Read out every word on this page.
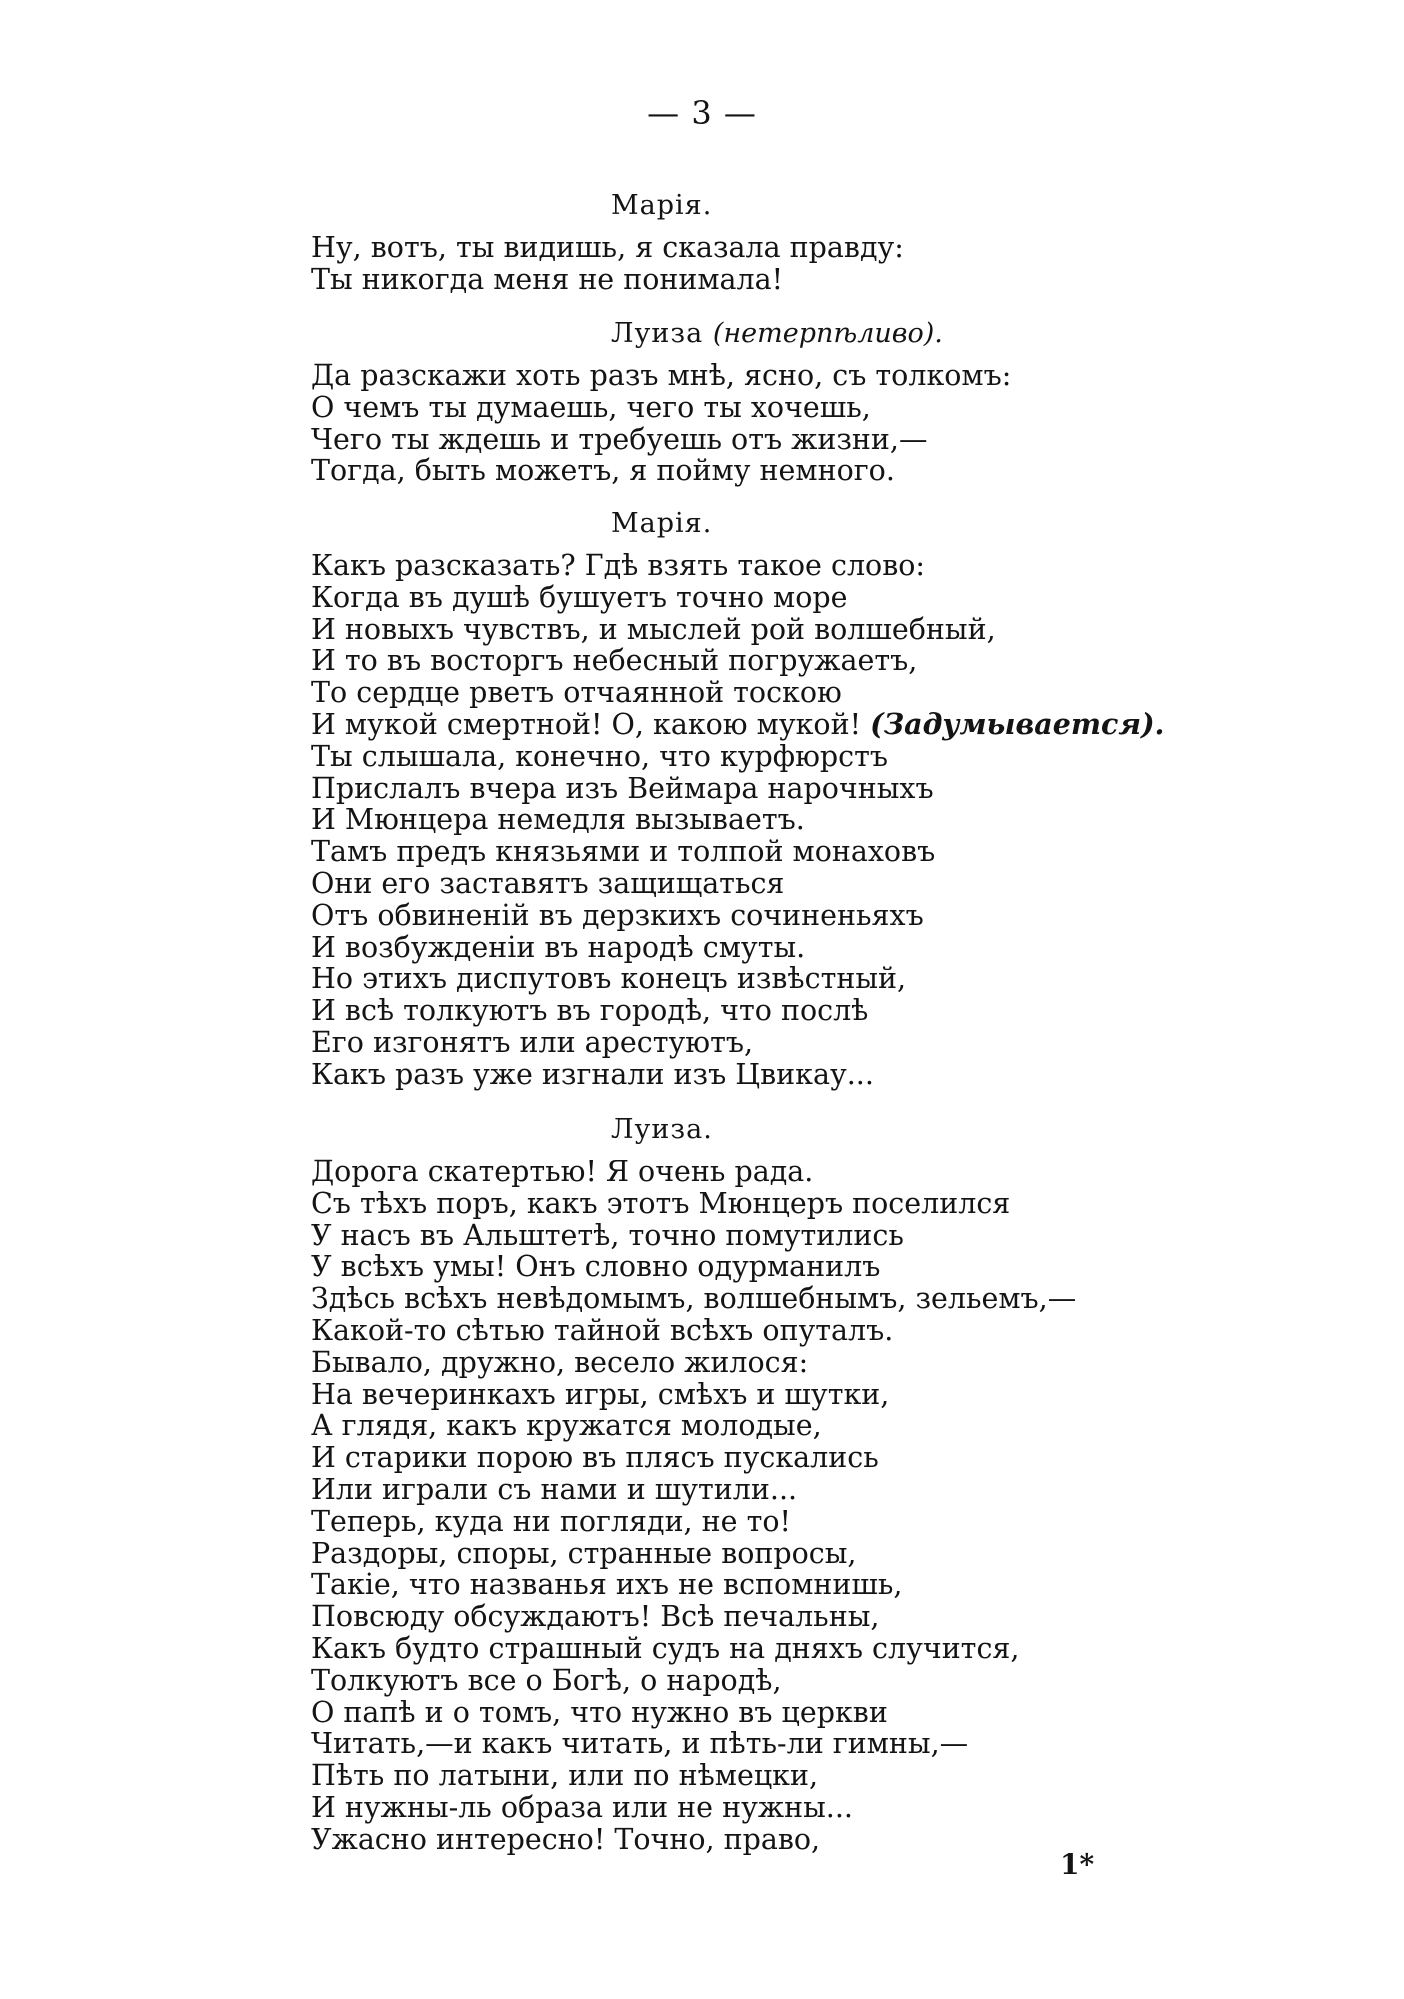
— 3 —
Марія.
Ну, вотъ, ты видишь, я сказала правду:
Ты никогда меня не понимала!
Луиза (нетерпѣливо).
Да разскажи хоть разъ мнѣ, ясно, съ толкомъ:
О чемъ ты думаешь, чего ты хочешь,
Чего ты ждешь и требуешь отъ жизни,—
Тогда, быть можетъ, я пойму немного.
Марія.
Какъ разсказать? Гдѣ взять такое слово:
Когда въ душѣ бушуетъ точно море
И новыхъ чувствъ, и мыслей рой волшебный,
И то въ восторгъ небесный погружаетъ,
То сердце рветъ отчаянной тоскою
И мукой смертной! О, какою мукой! (Задумывается).
Ты слышала, конечно, что курфюрстъ
Прислалъ вчера изъ Веймара нарочныхъ
И Мюнцера немедля вызываетъ.
Тамъ предъ князьями и толпой монаховъ
Они его заставятъ защищаться
Отъ обвиненій въ дерзкихъ сочиненьяхъ
И возбужденіи въ народѣ смуты.
Но этихъ диспутовъ конецъ извѣстный,
И всѣ толкуютъ въ городѣ, что послѣ
Его изгонятъ или арестуютъ,
Какъ разъ уже изгнали изъ Цвикау...
Луиза.
Дорога скатертью! Я очень рада.
Съ тѣхъ поръ, какъ этотъ Мюнцеръ поселился
У насъ въ Альштетѣ, точно помутились
У всѣхъ умы! Онъ словно одурманилъ
Здѣсь всѣхъ невѣдомымъ, волшебнымъ, зельемъ,—
Какой-то сѣтью тайной всѣхъ опуталъ.
Бывало, дружно, весело жилося:
На вечеринкахъ игры, смѣхъ и шутки,
А глядя, какъ кружатся молодые,
И старики порою въ плясъ пускались
Или играли съ нами и шутили...
Теперь, куда ни погляди, не то!
Раздоры, споры, странные вопросы,
Такіе, что названья ихъ не вспомнишь,
Повсюду обсуждаютъ! Всѣ печальны,
Какъ будто страшный судъ на дняхъ случится,
Толкуютъ все о Богѣ, о народѣ,
О папѣ и о томъ, что нужно въ церкви
Читать,—и какъ читать, и пѣть-ли гимны,—
Пѣть по латыни, или по нѣмецки,
И нужны-ль образа или не нужны...
Ужасно интересно! Точно, право,
1*
